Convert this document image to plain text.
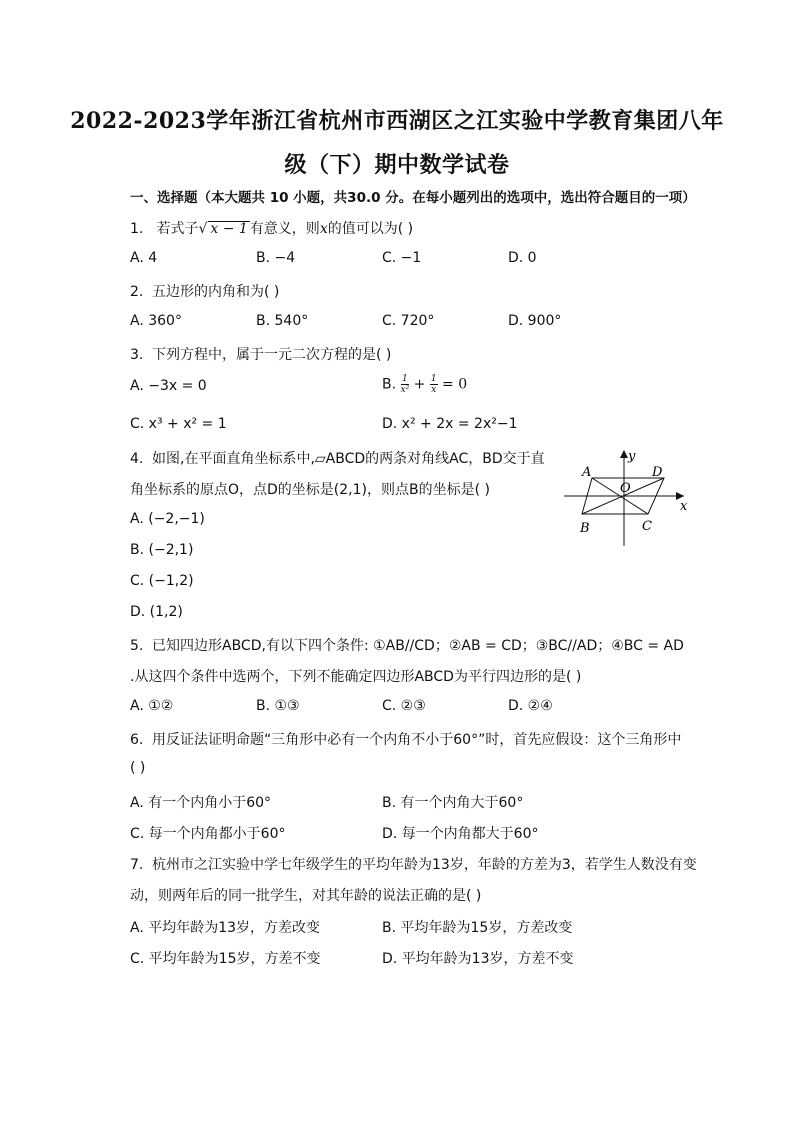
2022-2023学年浙江省杭州市西湖区之江实验中学教育集团八年
级（下）期中数学试卷
一、选择题（本大题共 10 小题，共30.0 分。在每小题列出的选项中，选出符合题目的一项）
1. 若式子√ x − 1 有意义，则x的值可以为( )
A. 4	B. −4	C. −1	D. 0
2. 五边形的内角和为( )
A. 360°	B. 540°	C. 720°	D. 900°
3. 下列方程中，属于一元二次方程的是( )
A. −3x = 0	B. $\frac{1}{\text{x²}} + \frac{1}{x} = 0$
C. x³ + x² = 1	D. x² + 2x = 2x²−1
4. 如图,在平面直角坐标系中,▱ABCD的两条对角线AC，BD交于直
角坐标系的原点O，点D的坐标是(2,1)，则点B的坐标是( )
A. (−2,−1)
B. (−2,1)
C. (−1,2)
D. (1,2)
A	D
B	C
O
x
y
5. 已知四边形ABCD,有以下四个条件: ①AB//CD；②AB = CD；③BC//AD；④BC = AD
.从这四个条件中选两个，下列不能确定四边形ABCD为平行四边形的是( )
A. ①②	B. ①③	C. ②③	D. ②④
6. 用反证法证明命题“三角形中必有一个内角不小于60°”时，首先应假设：这个三角形中
( )
A. 有一个内角小于60°	B. 有一个内角大于60°
C. 每一个内角都小于60°	D. 每一个内角都大于60°
7. 杭州市之江实验中学七年级学生的平均年龄为13岁，年龄的方差为3，若学生人数没有变
动，则两年后的同一批学生，对其年龄的说法正确的是( )
A. 平均年龄为13岁，方差改变	B. 平均年龄为15岁，方差改变
C. 平均年龄为15岁，方差不变	D. 平均年龄为13岁，方差不变
